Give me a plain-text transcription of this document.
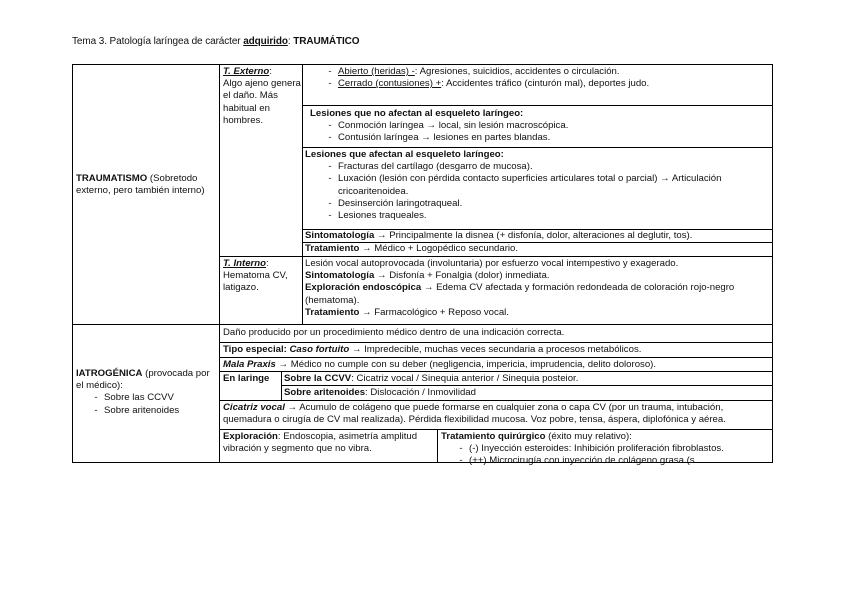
Tema 3. Patología laríngea de carácter adquirido: TRAUMÁTICO
TRAUMATISMO (Sobretodo externo, pero también interno)
T. Externo:
Algo ajeno genera el daño. Más habitual en hombres.
- Abierto (heridas) -: Agresiones, suicidios, accidentes o circulación.
- Cerrado (contusiones) +: Accidentes tráfico (cinturón mal), deportes judo.
Lesiones que no afectan al esqueleto laríngeo:
- Conmoción laríngea → local, sin lesión macroscópica.
- Contusión laríngea → lesiones en partes blandas.
Lesiones que afectan al esqueleto laríngeo:
- Fracturas del cartílago (desgarro de mucosa).
- Luxación (lesión con pérdida contacto superficies articulares total o parcial) → Articulación cricoaritenoidea.
- Desinserción laringotraqueal.
- Lesiones traqueales.
Sintomatología → Principalmente la disnea (+ disfonía, dolor, alteraciones al deglutir, tos).
Tratamiento → Médico + Logopédico secundario.
T. Interno:
Hematoma CV, latigazo.
Lesión vocal autoprovocada (involuntaria) por esfuerzo vocal intempestivo y exagerado.
Sintomatología → Disfonía + Fonalgia (dolor) inmediata.
Exploración endoscópica → Edema CV afectada y formación redondeada de coloración rojo-negro (hematoma).
Tratamiento → Farmacológico + Reposo vocal.
IATROGÉNICA (provocada por el médico):
- Sobre las CCVV
- Sobre aritenoides
Daño producido por un procedimiento médico dentro de una indicación correcta.
Tipo especial: Caso fortuito → Impredecible, muchas veces secundaria a procesos metabólicos.
Mala Praxis → Médico no cumple con su deber (negligencia, impericia, imprudencia, delito doloroso).
En laringe	Sobre la CCVV: Cicatriz vocal / Sinequia anterior / Sinequia posteior.
Sobre aritenoides: Dislocación / Inmovilidad
Cicatriz vocal → Acumulo de colágeno que puede formarse en cualquier zona o capa CV (por un trauma, intubación, quemadura o cirugía de CV mal realizada). Pérdida flexibilidad mucosa. Voz pobre, tensa, áspera, diplofónica y aérea.
Exploración: Endoscopia, asimetría amplitud vibración y segmento que no vibra.
Tratamiento quirúrgico (éxito muy relativo):
- (-) Inyección esteroides: Inhibición proliferación fibroblastos.
- (++) Microcirugía con inyección de colágeno grasa (s
